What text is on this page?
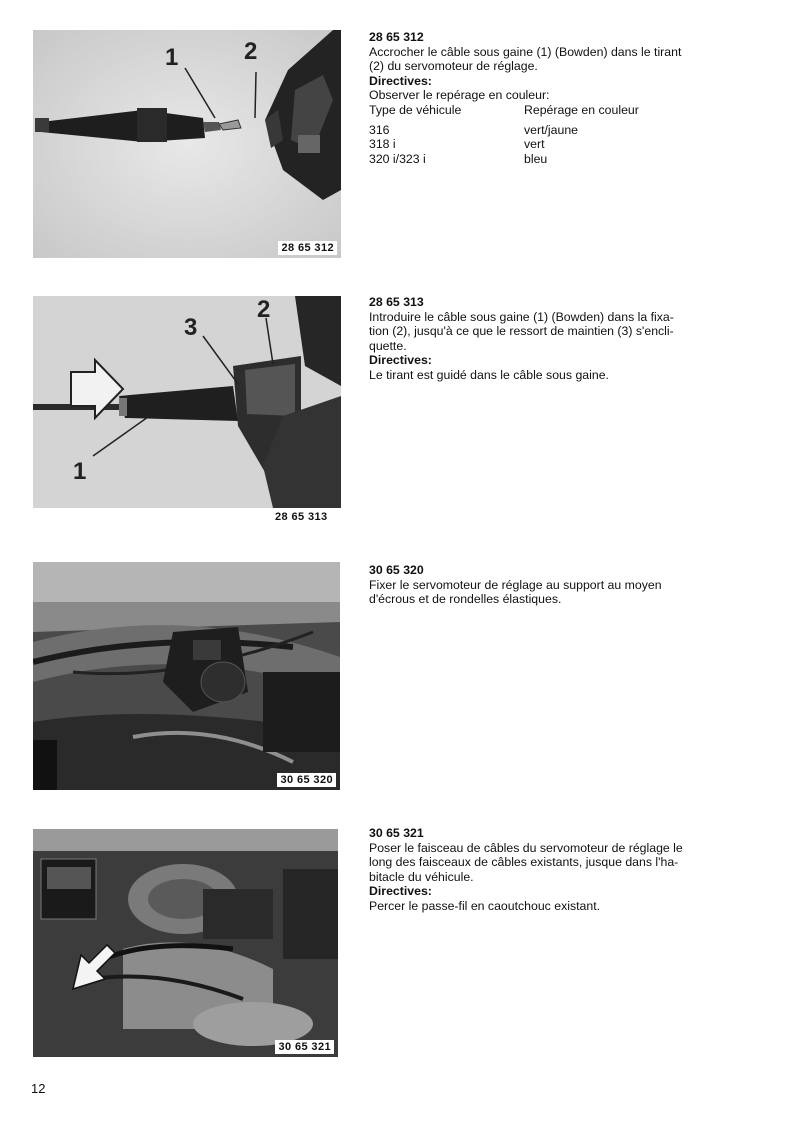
1	2
28 65 312

28 65 312

Accrocher le câble sous gaine (1) (Bowden) dans le tirant

(2) du servomoteur de réglage.

Directives:

Observer le repérage en couleur:

Type de véhicule	Repérage en couleur

316	vert/jaune
318 i	vert
320 i/323 i	bleu
3
2
1
28 65 313

28 65 313

Introduire le câble sous gaine (1) (Bowden) dans la fixa-

tion (2), jusqu'à ce que le ressort de maintien (3) s'encli-

quette.

Directives:

Le tirant est guidé dans le câble sous gaine.

30 65 320

30 65 320

Fixer le servomoteur de réglage au support au moyen

d'écrous et de rondelles élastiques.

30 65 321

30 65 321

Poser le faisceau de câbles du servomoteur de réglage le

long des faisceaux de câbles existants, jusque dans l'ha-

bitacle du véhicule.

Directives:

Percer le passe-fil en caoutchouc existant.

12
